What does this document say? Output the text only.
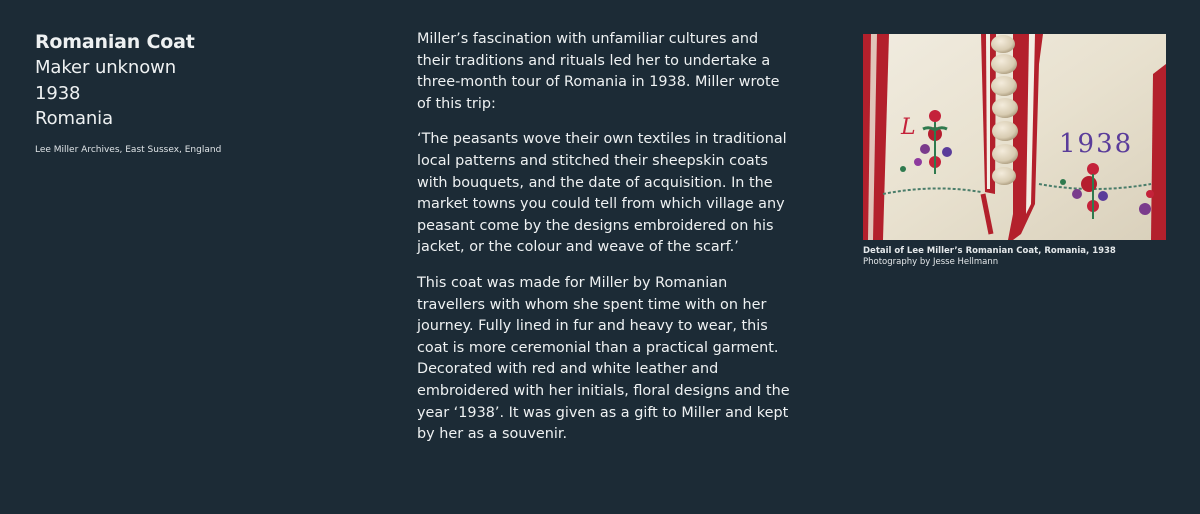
Romanian Coat
Maker unknown
1938
Romania
Lee Miller Archives, East Sussex, England

Miller’s fascination with unfamiliar cultures and their traditions and rituals led her to undertake a three-month tour of Romania in 1938. Miller wrote of this trip:

‘The peasants wove their own textiles in traditional local patterns and stitched their sheepskin coats with bouquets, and the date of acquisition. In the market towns you could tell from which village any peasant come by the designs embroidered on his jacket, or the colour and weave of the scarf.’

This coat was made for Miller by Romanian travellers with whom she spent time with on her journey. Fully lined in fur and heavy to wear, this coat is more ceremonial than a practical garment. Decorated with red and white leather and embroidered with her initials, floral designs and the year ‘1938’. It was given as a gift to Miller and kept by her as a souvenir.

L
1938
Detail of Lee Miller’s Romanian Coat, Romania, 1938
Photography by Jesse Hellmann
